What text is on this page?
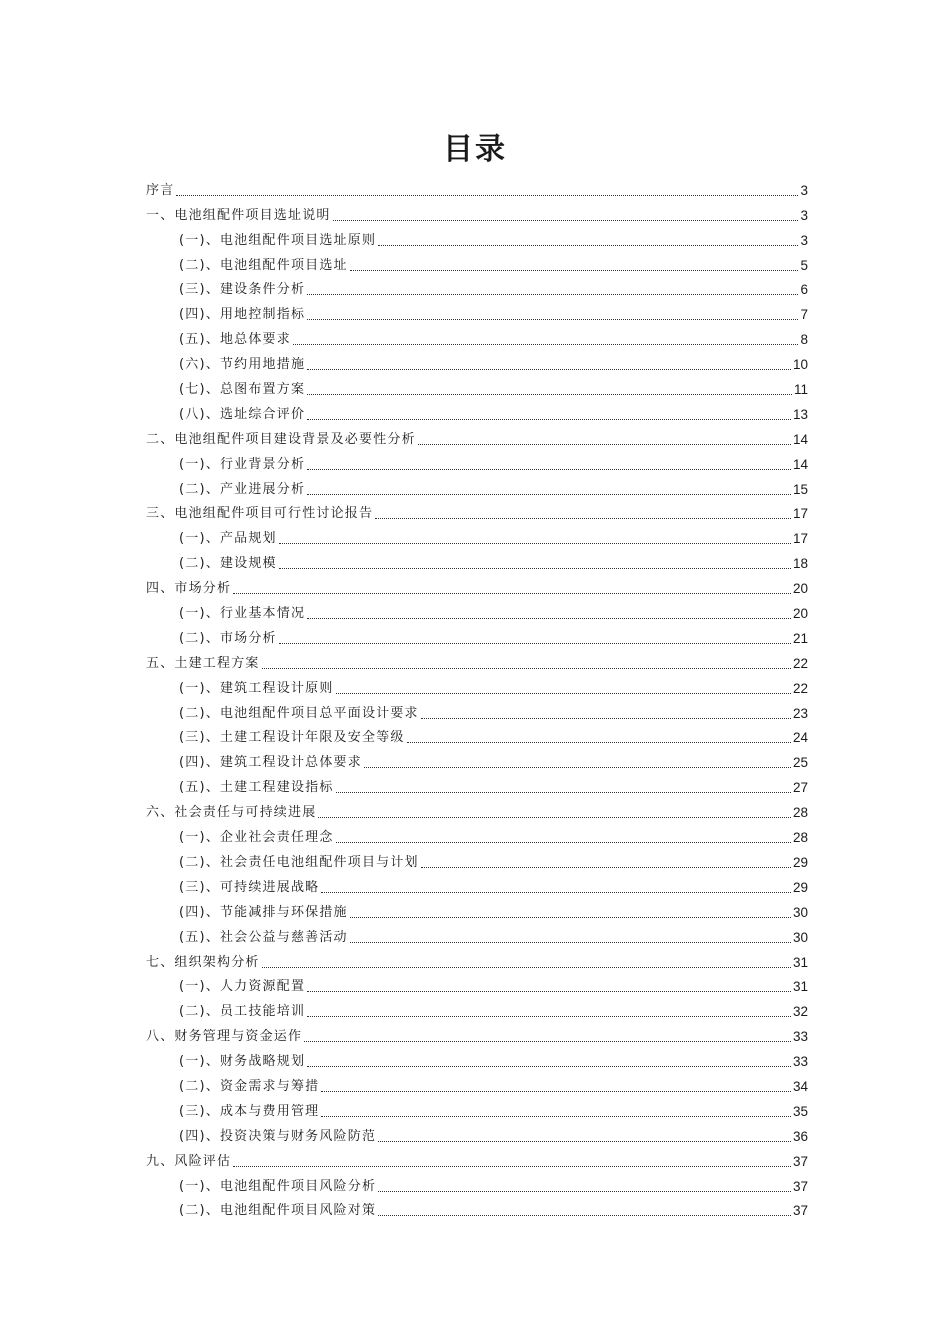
目录
序言	3
一、电池组配件项目选址说明	3
(一)、电池组配件项目选址原则	3
(二)、电池组配件项目选址	5
(三)、建设条件分析	6
(四)、用地控制指标	7
(五)、地总体要求	8
(六)、节约用地措施	10
(七)、总图布置方案	11
(八)、选址综合评价	13
二、电池组配件项目建设背景及必要性分析	14
(一)、行业背景分析	14
(二)、产业进展分析	15
三、电池组配件项目可行性讨论报告	17
(一)、产品规划	17
(二)、建设规模	18
四、市场分析	20
(一)、行业基本情况	20
(二)、市场分析	21
五、土建工程方案	22
(一)、建筑工程设计原则	22
(二)、电池组配件项目总平面设计要求	23
(三)、土建工程设计年限及安全等级	24
(四)、建筑工程设计总体要求	25
(五)、土建工程建设指标	27
六、社会责任与可持续进展	28
(一)、企业社会责任理念	28
(二)、社会责任电池组配件项目与计划	29
(三)、可持续进展战略	29
(四)、节能减排与环保措施	30
(五)、社会公益与慈善活动	30
七、组织架构分析	31
(一)、人力资源配置	31
(二)、员工技能培训	32
八、财务管理与资金运作	33
(一)、财务战略规划	33
(二)、资金需求与筹措	34
(三)、成本与费用管理	35
(四)、投资决策与财务风险防范	36
九、风险评估	37
(一)、电池组配件项目风险分析	37
(二)、电池组配件项目风险对策	37
